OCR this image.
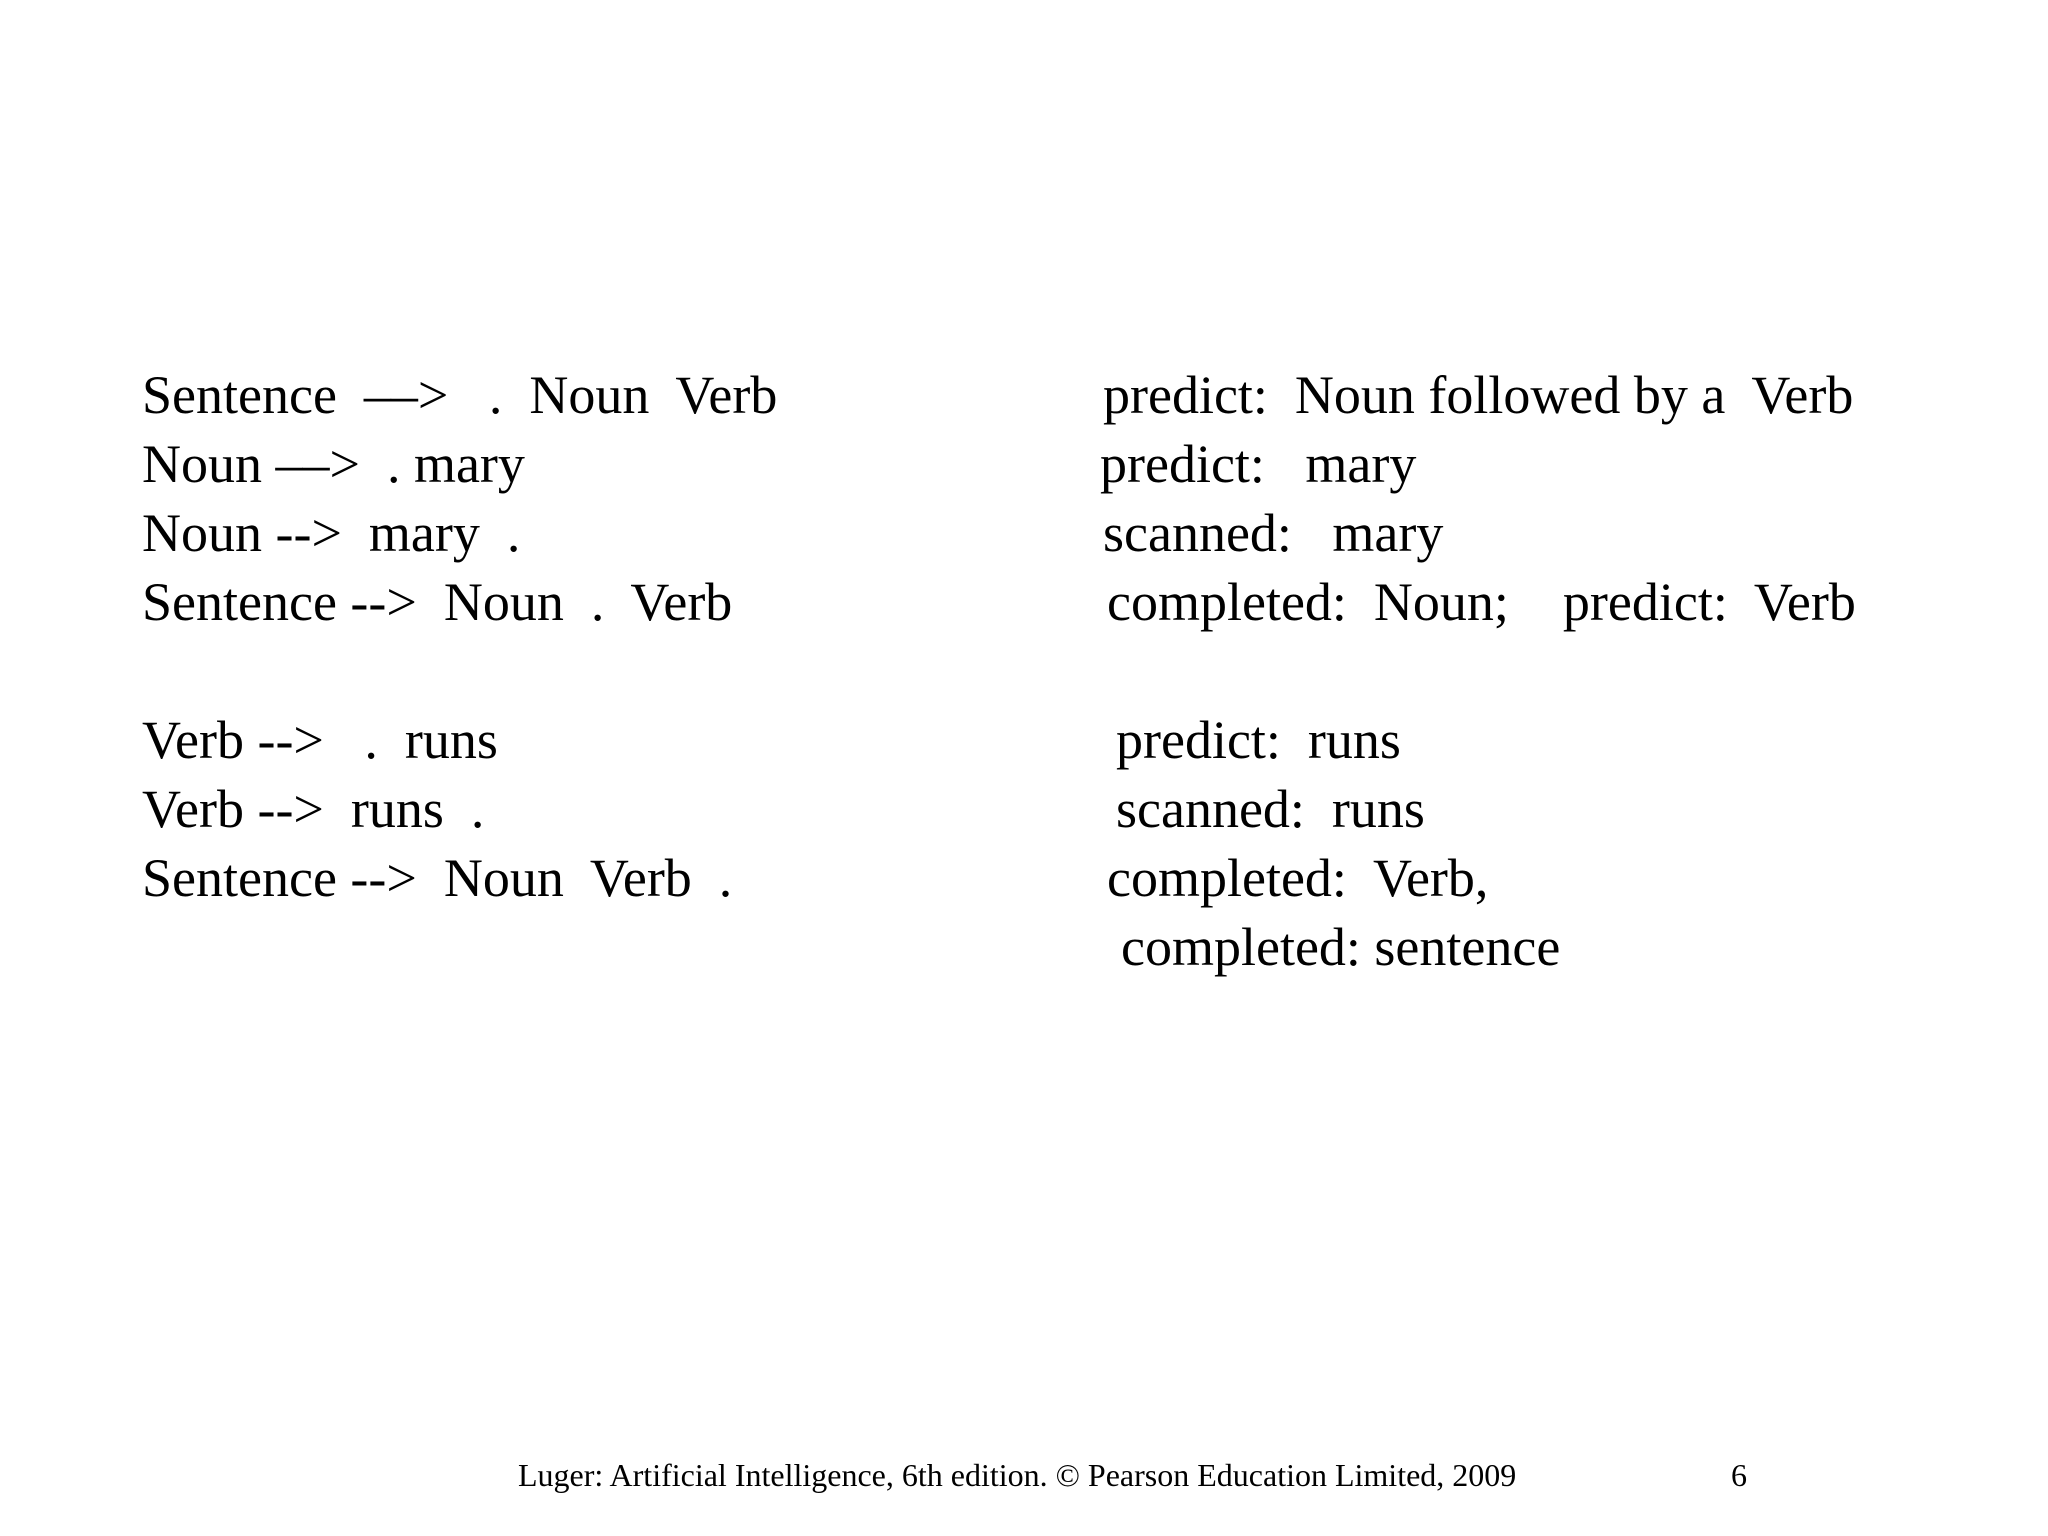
Sentence  ––>   .  Noun  Verb
Noun ––>  . mary
Noun -->  mary  .
Sentence -->  Noun  .  Verb
Verb -->   .  runs
Verb -->  runs  .
Sentence -->  Noun  Verb  .
predict:  Noun followed by a  Verb
predict:   mary
scanned:   mary
completed:  Noun;    predict:  Verb
predict:  runs
scanned:  runs
completed:  Verb,
completed: sentence
Luger: Artificial Intelligence, 6th edition. © Pearson Education Limited, 2009	6
